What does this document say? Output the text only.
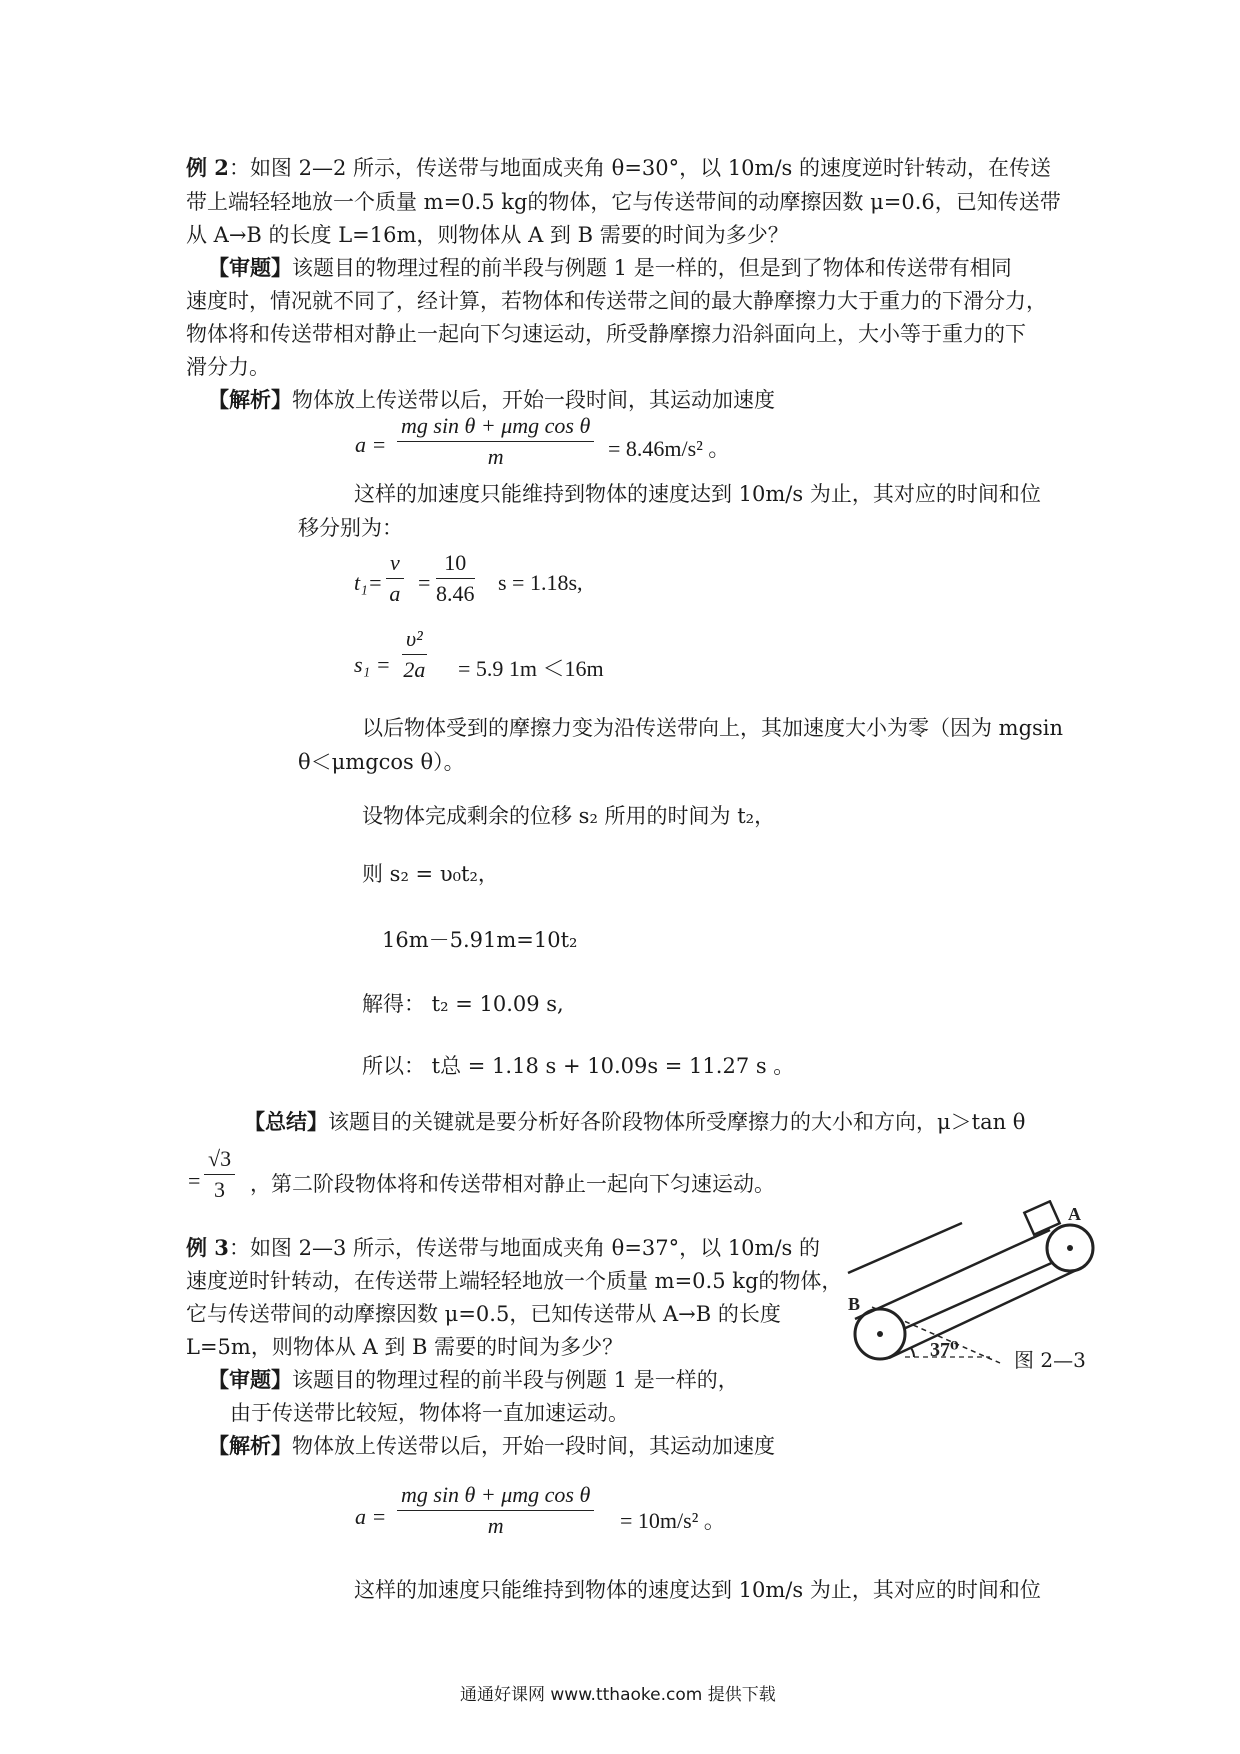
例 2：如图 2—2 所示，传送带与地面成夹角 θ=30°，以 10m/s 的速度逆时针转动，在传送
带上端轻轻地放一个质量 m=0.5 kg的物体，它与传送带间的动摩擦因数 μ=0.6，已知传送带
从 A→B 的长度 L=16m，则物体从 A 到 B 需要的时间为多少？
【审题】该题目的物理过程的前半段与例题 1 是一样的，但是到了物体和传送带有相同
速度时，情况就不同了，经计算，若物体和传送带之间的最大静摩擦力大于重力的下滑分力，
物体将和传送带相对静止一起向下匀速运动，所受静摩擦力沿斜面向上，大小等于重力的下
滑分力。
【解析】物体放上传送带以后，开始一段时间，其运动加速度
a =
mg sin θ + μmg cos θ
m	= 8.46m/s² 。
这样的加速度只能维持到物体的速度达到 10m/s 为止，其对应的时间和位
移分别为：
$t_1= \frac{v}{a} = \frac{10}{8.46}$ s = 1.18s,
$s_1 = \frac{\text{υ²}}{2a} = 5.9$ 1m ＜16m
以后物体受到的摩擦力变为沿传送带向上，其加速度大小为零（因为 mgsin
θ＜μmgcos θ）。
设物体完成剩余的位移 s₂ 所用的时间为 t₂，
则 s₂ = υ₀t₂，
16m－5.91m=10t₂
解得： t₂ = 10.09 s,
所以： t总 = 1.18 s + 10.09s = 11.27 s 。
【总结】该题目的关键就是要分析好各阶段物体所受摩擦力的大小和方向，μ＞tan θ
= $\frac{√3}{3}$ ，第二阶段物体将和传送带相对静止一起向下匀速运动。
例 3：如图 2—3 所示，传送带与地面成夹角 θ=37°，以 10m/s 的
速度逆时针转动，在传送带上端轻轻地放一个质量 m=0.5 kg的物体，
它与传送带间的动摩擦因数 μ=0.5，已知传送带从 A→B 的长度
L=5m，则物体从 A 到 B 需要的时间为多少？
【审题】该题目的物理过程的前半段与例题 1 是一样的，
由于传送带比较短，物体将一直加速运动。
【解析】物体放上传送带以后，开始一段时间，其运动加速度
a =
mg sin θ + μmg cos θ
m	= 10m/s² 。
这样的加速度只能维持到物体的速度达到 10m/s 为止，其对应的时间和位
A
B
37⁰	图 2—3
通通好课网 www.tthaoke.com 提供下载
